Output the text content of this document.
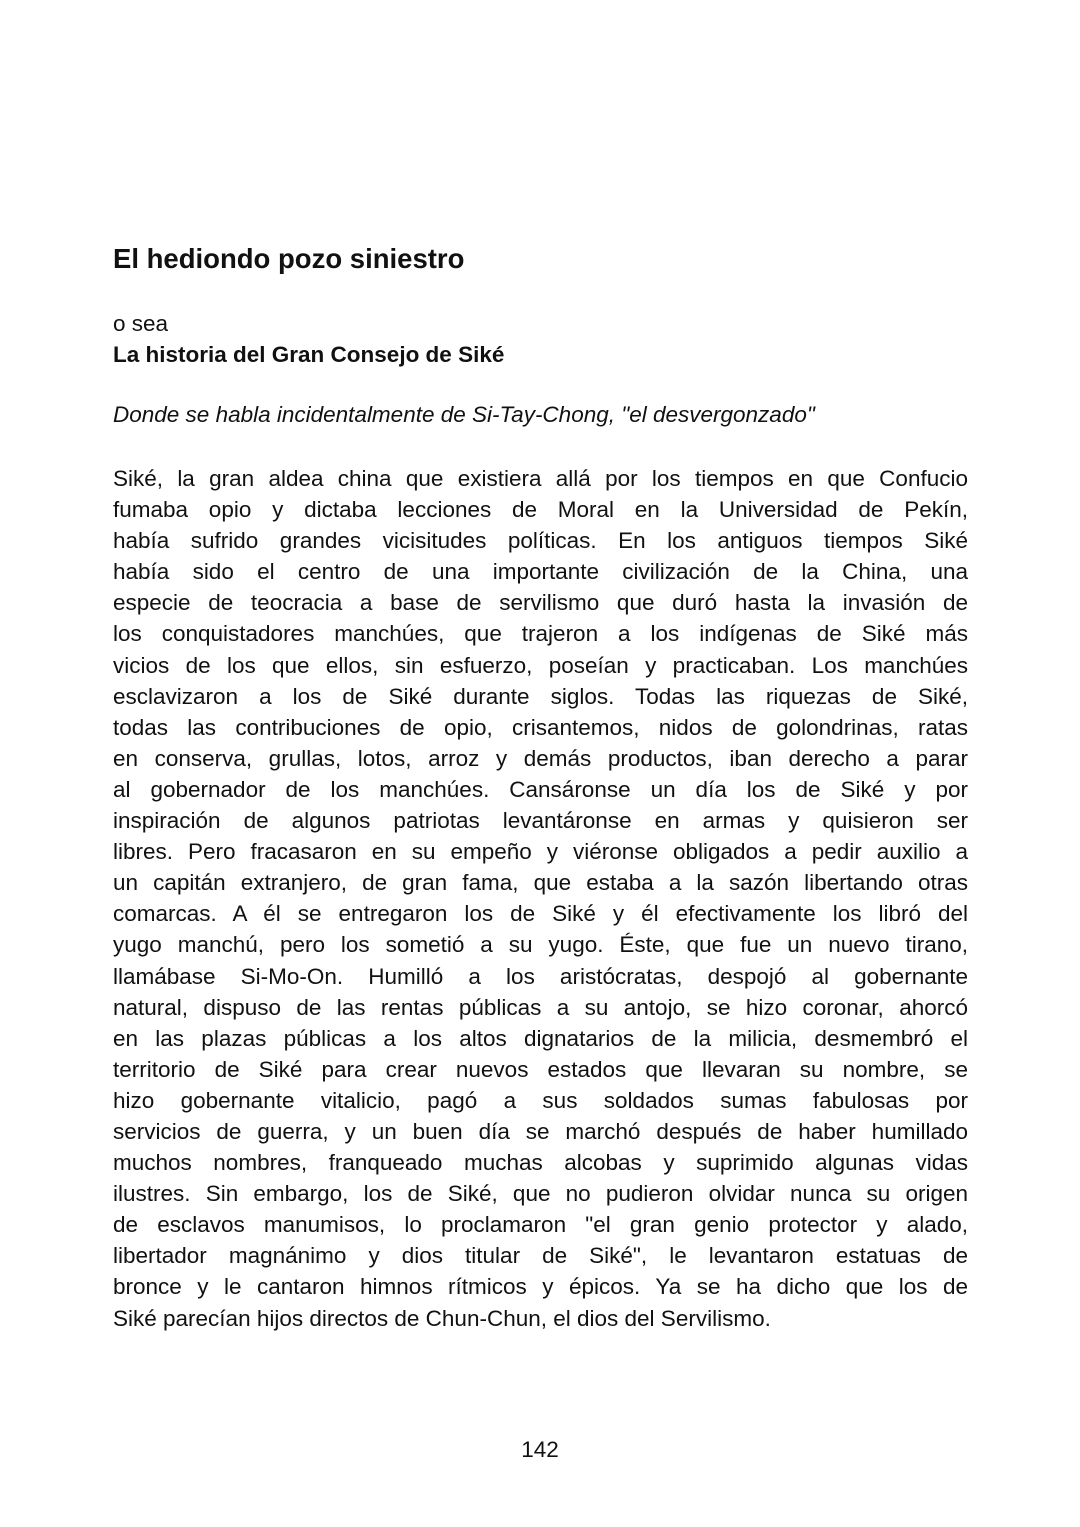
El hediondo pozo siniestro

o sea

La historia del Gran Consejo de Siké

Donde se habla incidentalmente de Si-Tay-Chong, "el desvergonzado"

Siké, la gran aldea china que existiera allá por los tiempos en que Confucio
fumaba opio y dictaba lecciones de Moral en la Universidad de Pekín,
había sufrido grandes vicisitudes políticas. En los antiguos tiempos Siké
había sido el centro de una importante civilización de la China, una
especie de teocracia a base de servilismo que duró hasta la invasión de
los conquistadores manchúes, que trajeron a los indígenas de Siké más
vicios de los que ellos, sin esfuerzo, poseían y practicaban. Los manchúes
esclavizaron a los de Siké durante siglos. Todas las riquezas de Siké,
todas las contribuciones de opio, crisantemos, nidos de golondrinas, ratas
en conserva, grullas, lotos, arroz y demás productos, iban derecho a parar
al gobernador de los manchúes. Cansáronse un día los de Siké y por
inspiración de algunos patriotas levantáronse en armas y quisieron ser
libres. Pero fracasaron en su empeño y viéronse obligados a pedir auxilio a
un capitán extranjero, de gran fama, que estaba a la sazón libertando otras
comarcas. A él se entregaron los de Siké y él efectivamente los libró del
yugo manchú, pero los sometió a su yugo. Éste, que fue un nuevo tirano,
llamábase Si-Mo-On. Humilló a los aristócratas, despojó al gobernante
natural, dispuso de las rentas públicas a su antojo, se hizo coronar, ahorcó
en las plazas públicas a los altos dignatarios de la milicia, desmembró el
territorio de Siké para crear nuevos estados que llevaran su nombre, se
hizo gobernante vitalicio, pagó a sus soldados sumas fabulosas por
servicios de guerra, y un buen día se marchó después de haber humillado
muchos nombres, franqueado muchas alcobas y suprimido algunas vidas
ilustres. Sin embargo, los de Siké, que no pudieron olvidar nunca su origen
de esclavos manumisos, lo proclamaron "el gran genio protector y alado,
libertador magnánimo y dios titular de Siké", le levantaron estatuas de
bronce y le cantaron himnos rítmicos y épicos. Ya se ha dicho que los de
Siké parecían hijos directos de Chun-Chun, el dios del Servilismo.

142
